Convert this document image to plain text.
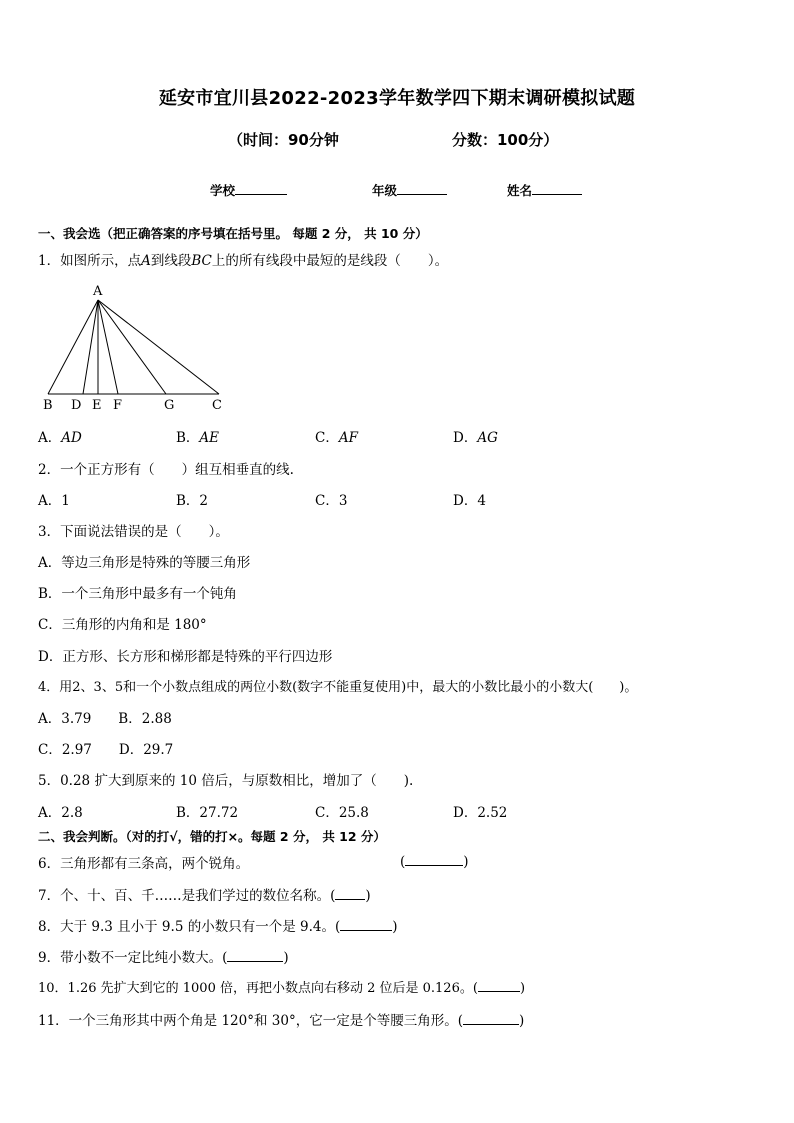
延安市宜川县2022-2023学年数学四下期末调研模拟试题
（时间：90分钟	分数：100分）
学校	年级	姓名
一、我会选（把正确答案的序号填在括号里。 每题 2 分， 共 10 分）
1．如图所示，点A到线段BC上的所有线段中最短的是线段（　　）。
A
B D E F	G	C
A．AD	B．AE	C．AF	D．AG
2．一个正方形有（　　）组互相垂直的线.
A．1	B．2	C．3	D．4
3．下面说法错误的是（　　）。
A．等边三角形是特殊的等腰三角形
B．一个三角形中最多有一个钝角
C．三角形的内角和是 180°
D．正方形、长方形和梯形都是特殊的平行四边形
4．用2、3、5和一个小数点组成的两位小数(数字不能重复使用)中，最大的小数比最小的小数大(　　)。
A．3.79　　B．2.88
C．2.97　　D．29.7
5．0.28 扩大到原来的 10 倍后，与原数相比，增加了（　　).
A．2.8	B．27.72	C．25.8	D．2.52
二、我会判断。（对的打√，错的打×。每题 2 分， 共 12 分）
6．三角形都有三条高，两个锐角。	(	)
7．个、十、百、千……是我们学过的数位名称。( )
8．大于 9.3 且小于 9.5 的小数只有一个是 9.4。(	)
9．带小数不一定比纯小数大。(	)
10．1.26 先扩大到它的 1000 倍，再把小数点向右移动 2 位后是 0.126。(	)
11．一个三角形其中两个角是 120°和 30°，它一定是个等腰三角形。(	)
